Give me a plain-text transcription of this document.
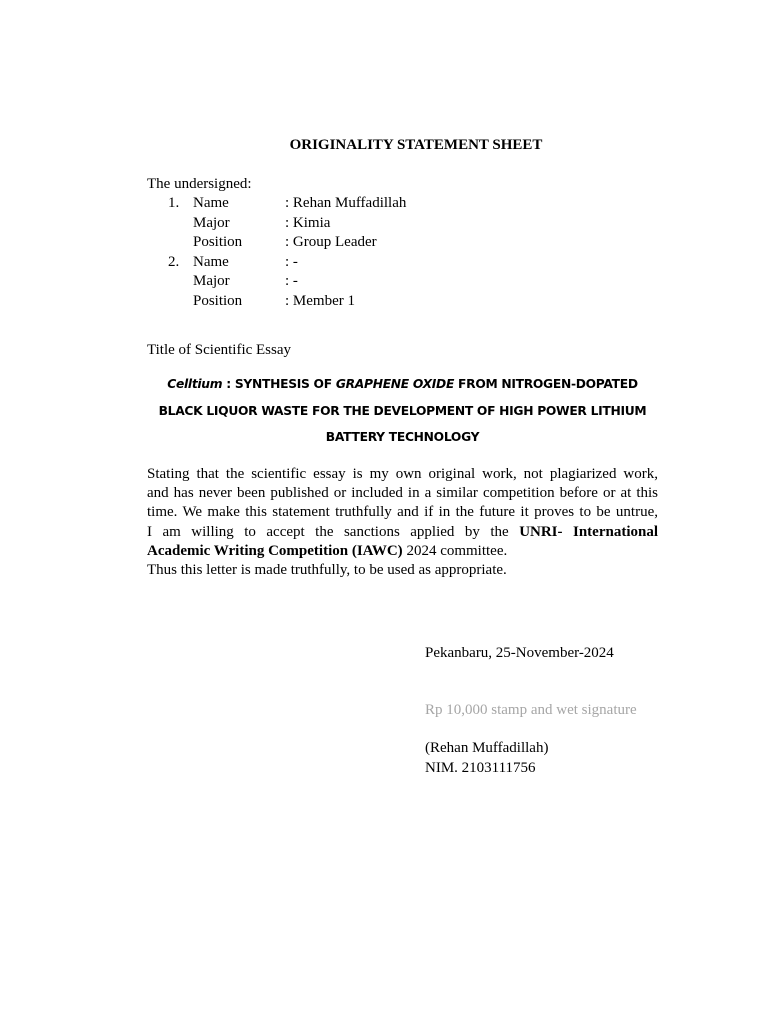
ORIGINALITY STATEMENT SHEET
The undersigned:
1. Name	: Rehan Muffadillah
Major	: Kimia
Position	: Group Leader
2. Name	: -
Major	: -
Position	: Member 1
Title of Scientific Essay
Celltium : SYNTHESIS OF GRAPHENE OXIDE FROM NITROGEN-DOPATED BLACK LIQUOR WASTE FOR THE DEVELOPMENT OF HIGH POWER LITHIUM BATTERY TECHNOLOGY
Stating that the scientific essay is my own original work, not plagiarized work,
and has never been published or included in a similar competition before or at this
time. We make this statement truthfully and if in the future it proves to be untrue,
I am willing to accept the sanctions applied by the UNRI- International
Academic Writing Competition (IAWC) 2024 committee.
Thus this letter is made truthfully, to be used as appropriate.
Pekanbaru, 25-November-2024
Rp 10,000 stamp and wet signature
(Rehan Muffadillah)
NIM. 2103111756
